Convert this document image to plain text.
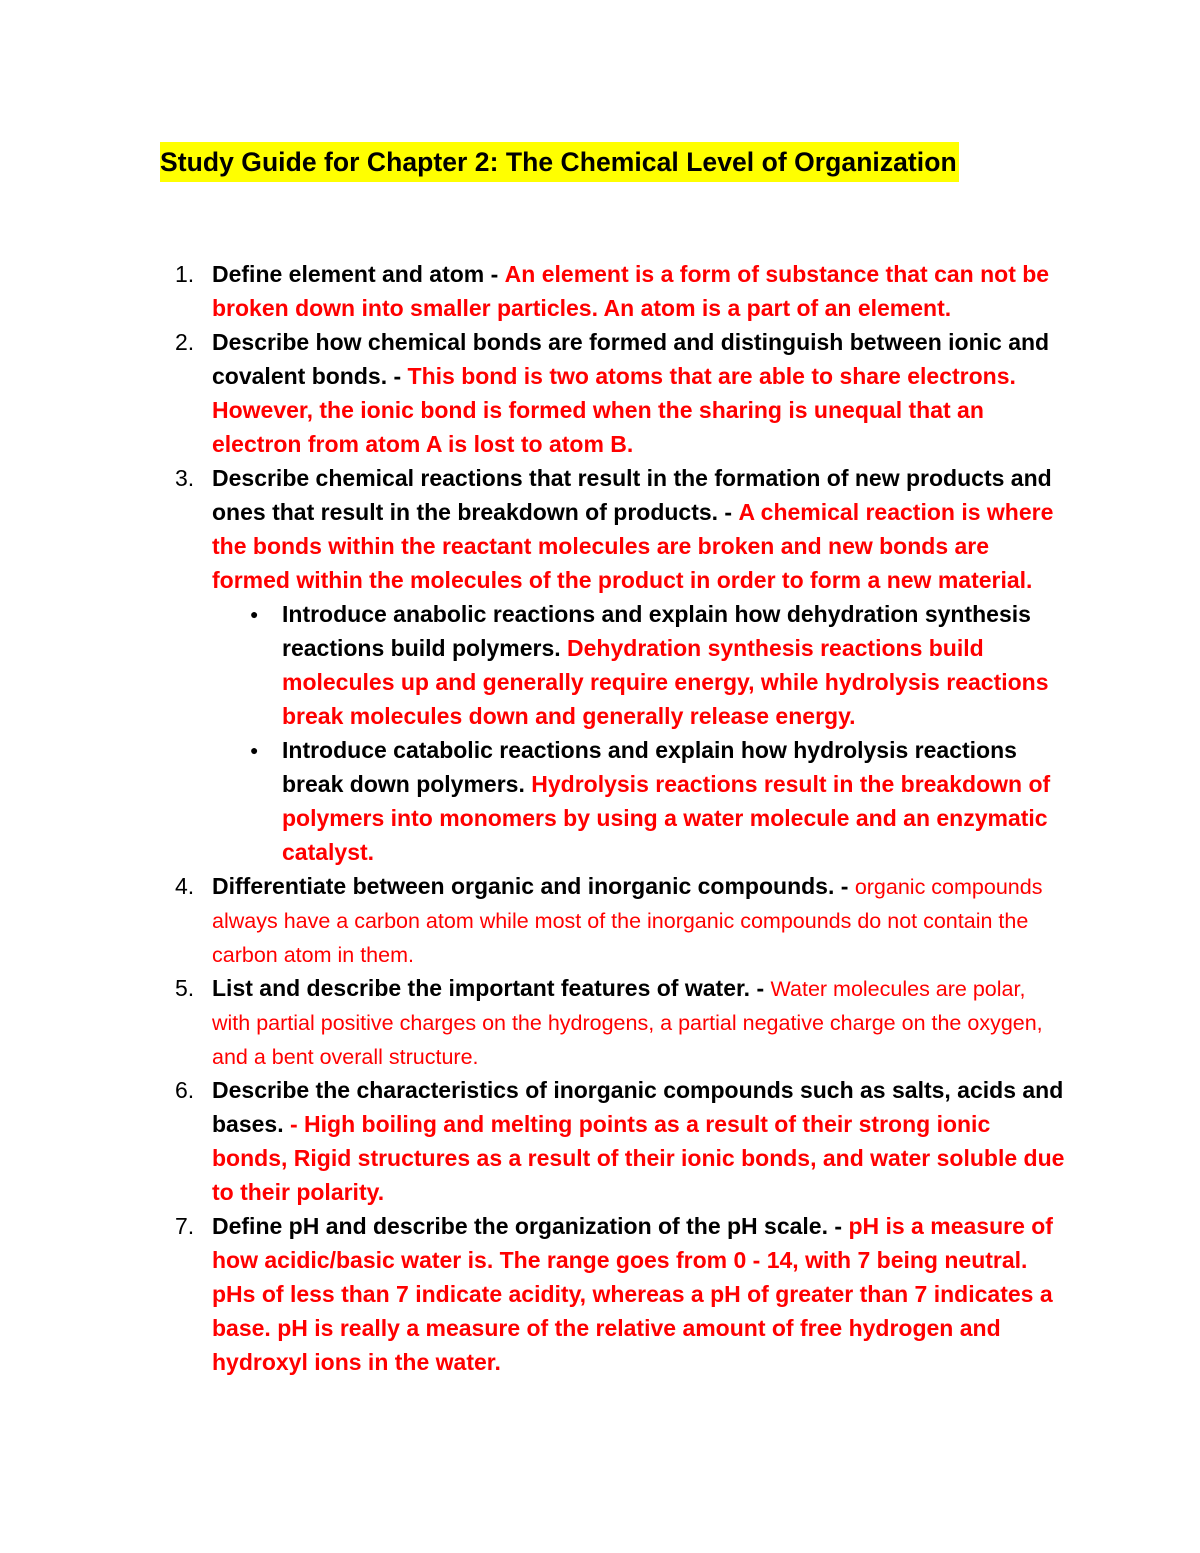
Study Guide for Chapter 2: The Chemical Level of Organization
1. Define element and atom - An element is a form of substance that can not be broken down into smaller particles. An atom is a part of an element.
2. Describe how chemical bonds are formed and distinguish between ionic and covalent bonds. - This bond is two atoms that are able to share electrons. However, the ionic bond is formed when the sharing is unequal that an electron from atom A is lost to atom B.
3. Describe chemical reactions that result in the formation of new products and ones that result in the breakdown of products. - A chemical reaction is where the bonds within the reactant molecules are broken and new bonds are formed within the molecules of the product in order to form a new material.
● Introduce anabolic reactions and explain how dehydration synthesis reactions build polymers. Dehydration synthesis reactions build molecules up and generally require energy, while hydrolysis reactions break molecules down and generally release energy.
● Introduce catabolic reactions and explain how hydrolysis reactions break down polymers. Hydrolysis reactions result in the breakdown of polymers into monomers by using a water molecule and an enzymatic catalyst.
4. Differentiate between organic and inorganic compounds. - organic compounds always have a carbon atom while most of the inorganic compounds do not contain the carbon atom in them.
5. List and describe the important features of water. - Water molecules are polar, with partial positive charges on the hydrogens, a partial negative charge on the oxygen, and a bent overall structure.
6. Describe the characteristics of inorganic compounds such as salts, acids and bases. - High boiling and melting points as a result of their strong ionic bonds, Rigid structures as a result of their ionic bonds, and water soluble due to their polarity.
7. Define pH and describe the organization of the pH scale. - pH is a measure of how acidic/basic water is. The range goes from 0 - 14, with 7 being neutral. pHs of less than 7 indicate acidity, whereas a pH of greater than 7 indicates a base. pH is really a measure of the relative amount of free hydrogen and hydroxyl ions in the water.
